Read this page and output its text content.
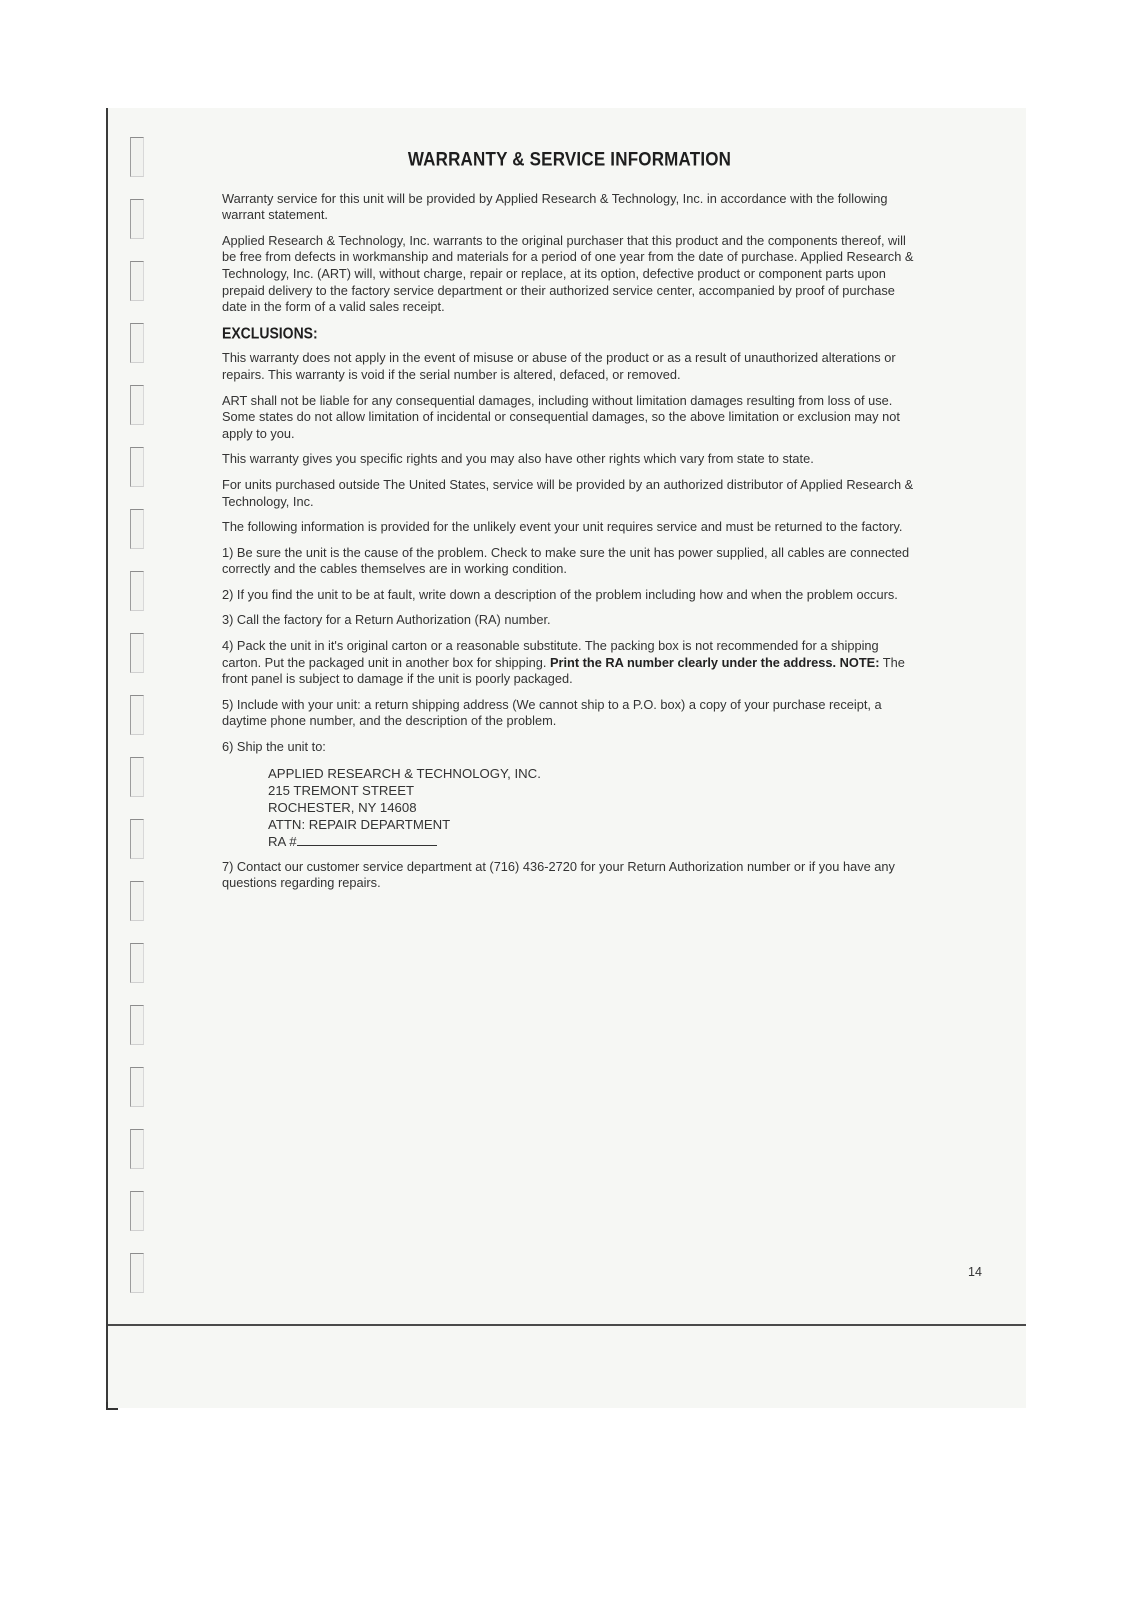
WARRANTY & SERVICE INFORMATION

Warranty service for this unit will be provided by Applied Research & Technology, Inc. in accordance with the following warrant statement.

Applied Research & Technology, Inc. warrants to the original purchaser that this product and the components thereof, will be free from defects in workmanship and materials for a period of one year from the date of purchase. Applied Research & Technology, Inc. (ART) will, without charge, repair or replace, at its option, defective product or component parts upon prepaid delivery to the factory service department or their authorized service center, accompanied by proof of purchase date in the form of a valid sales receipt.

EXCLUSIONS:

This warranty does not apply in the event of misuse or abuse of the product or as a result of unauthorized alterations or repairs. This warranty is void if the serial number is altered, defaced, or removed.

ART shall not be liable for any consequential damages, including without limitation damages resulting from loss of use. Some states do not allow limitation of incidental or consequential damages, so the above limitation or exclusion may not apply to you.

This warranty gives you specific rights and you may also have other rights which vary from state to state.

For units purchased outside The United States, service will be provided by an authorized distributor of Applied Research & Technology, Inc.

The following information is provided for the unlikely event your unit requires service and must be returned to the factory.

1) Be sure the unit is the cause of the problem. Check to make sure the unit has power supplied, all cables are connected correctly and the cables themselves are in working condition.

2) If you find the unit to be at fault, write down a description of the problem including how and when the problem occurs.

3) Call the factory for a Return Authorization (RA) number.

4) Pack the unit in it's original carton or a reasonable substitute. The packing box is not recommended for a shipping carton. Put the packaged unit in another box for shipping. Print the RA number clearly under the address. NOTE: The front panel is subject to damage if the unit is poorly packaged.

5) Include with your unit: a return shipping address (We cannot ship to a P.O. box) a copy of your purchase receipt, a daytime phone number, and the description of the problem.

6) Ship the unit to:

APPLIED RESEARCH & TECHNOLOGY, INC.
215 TREMONT STREET
ROCHESTER, NY 14608
ATTN: REPAIR DEPARTMENT
RA #

7) Contact our customer service department at (716) 436-2720 for your Return Authorization number or if you have any questions regarding repairs.

14
